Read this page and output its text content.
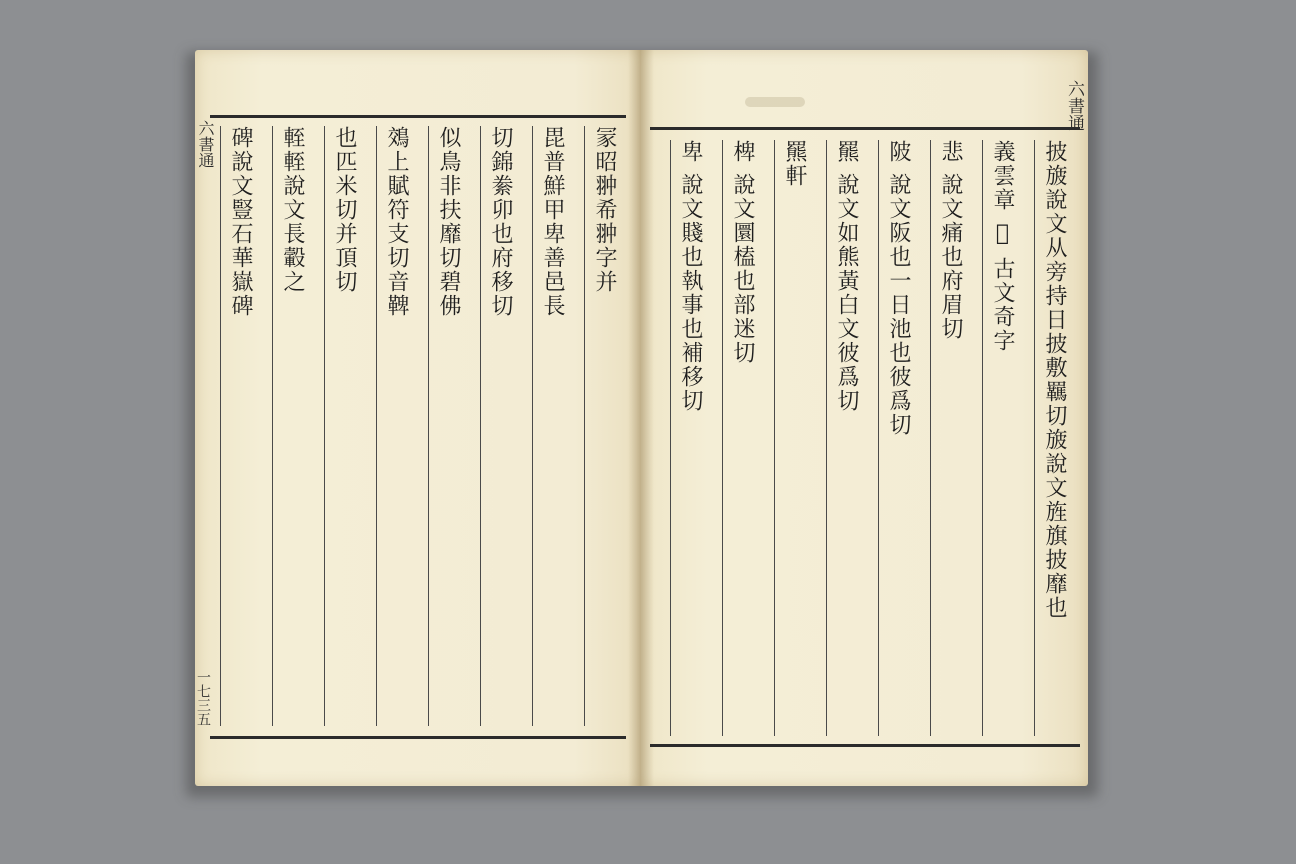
六書通
一七三五
六書通
冡昭翀希翀字并
毘普鮮甲卑善邑長
切錦絭卯也府移切
似鳥非扶靡切碧佛
鵁上賦符支切音鞞
也匹米切并頂切
輊輊說文長轂之
碑說文豎石華嶽碑	披旇說文从旁持日披敷羈切旇說文旌旗披靡也
義雲章 𢼸 古文奇字
悲 說文痛也府眉切
陂 說文阪也一日池也彼爲切
羆 說文如熊黃白文彼爲切
羆軒
椑 說文圜榼也部迷切
卑 說文賤也執事也補移切
